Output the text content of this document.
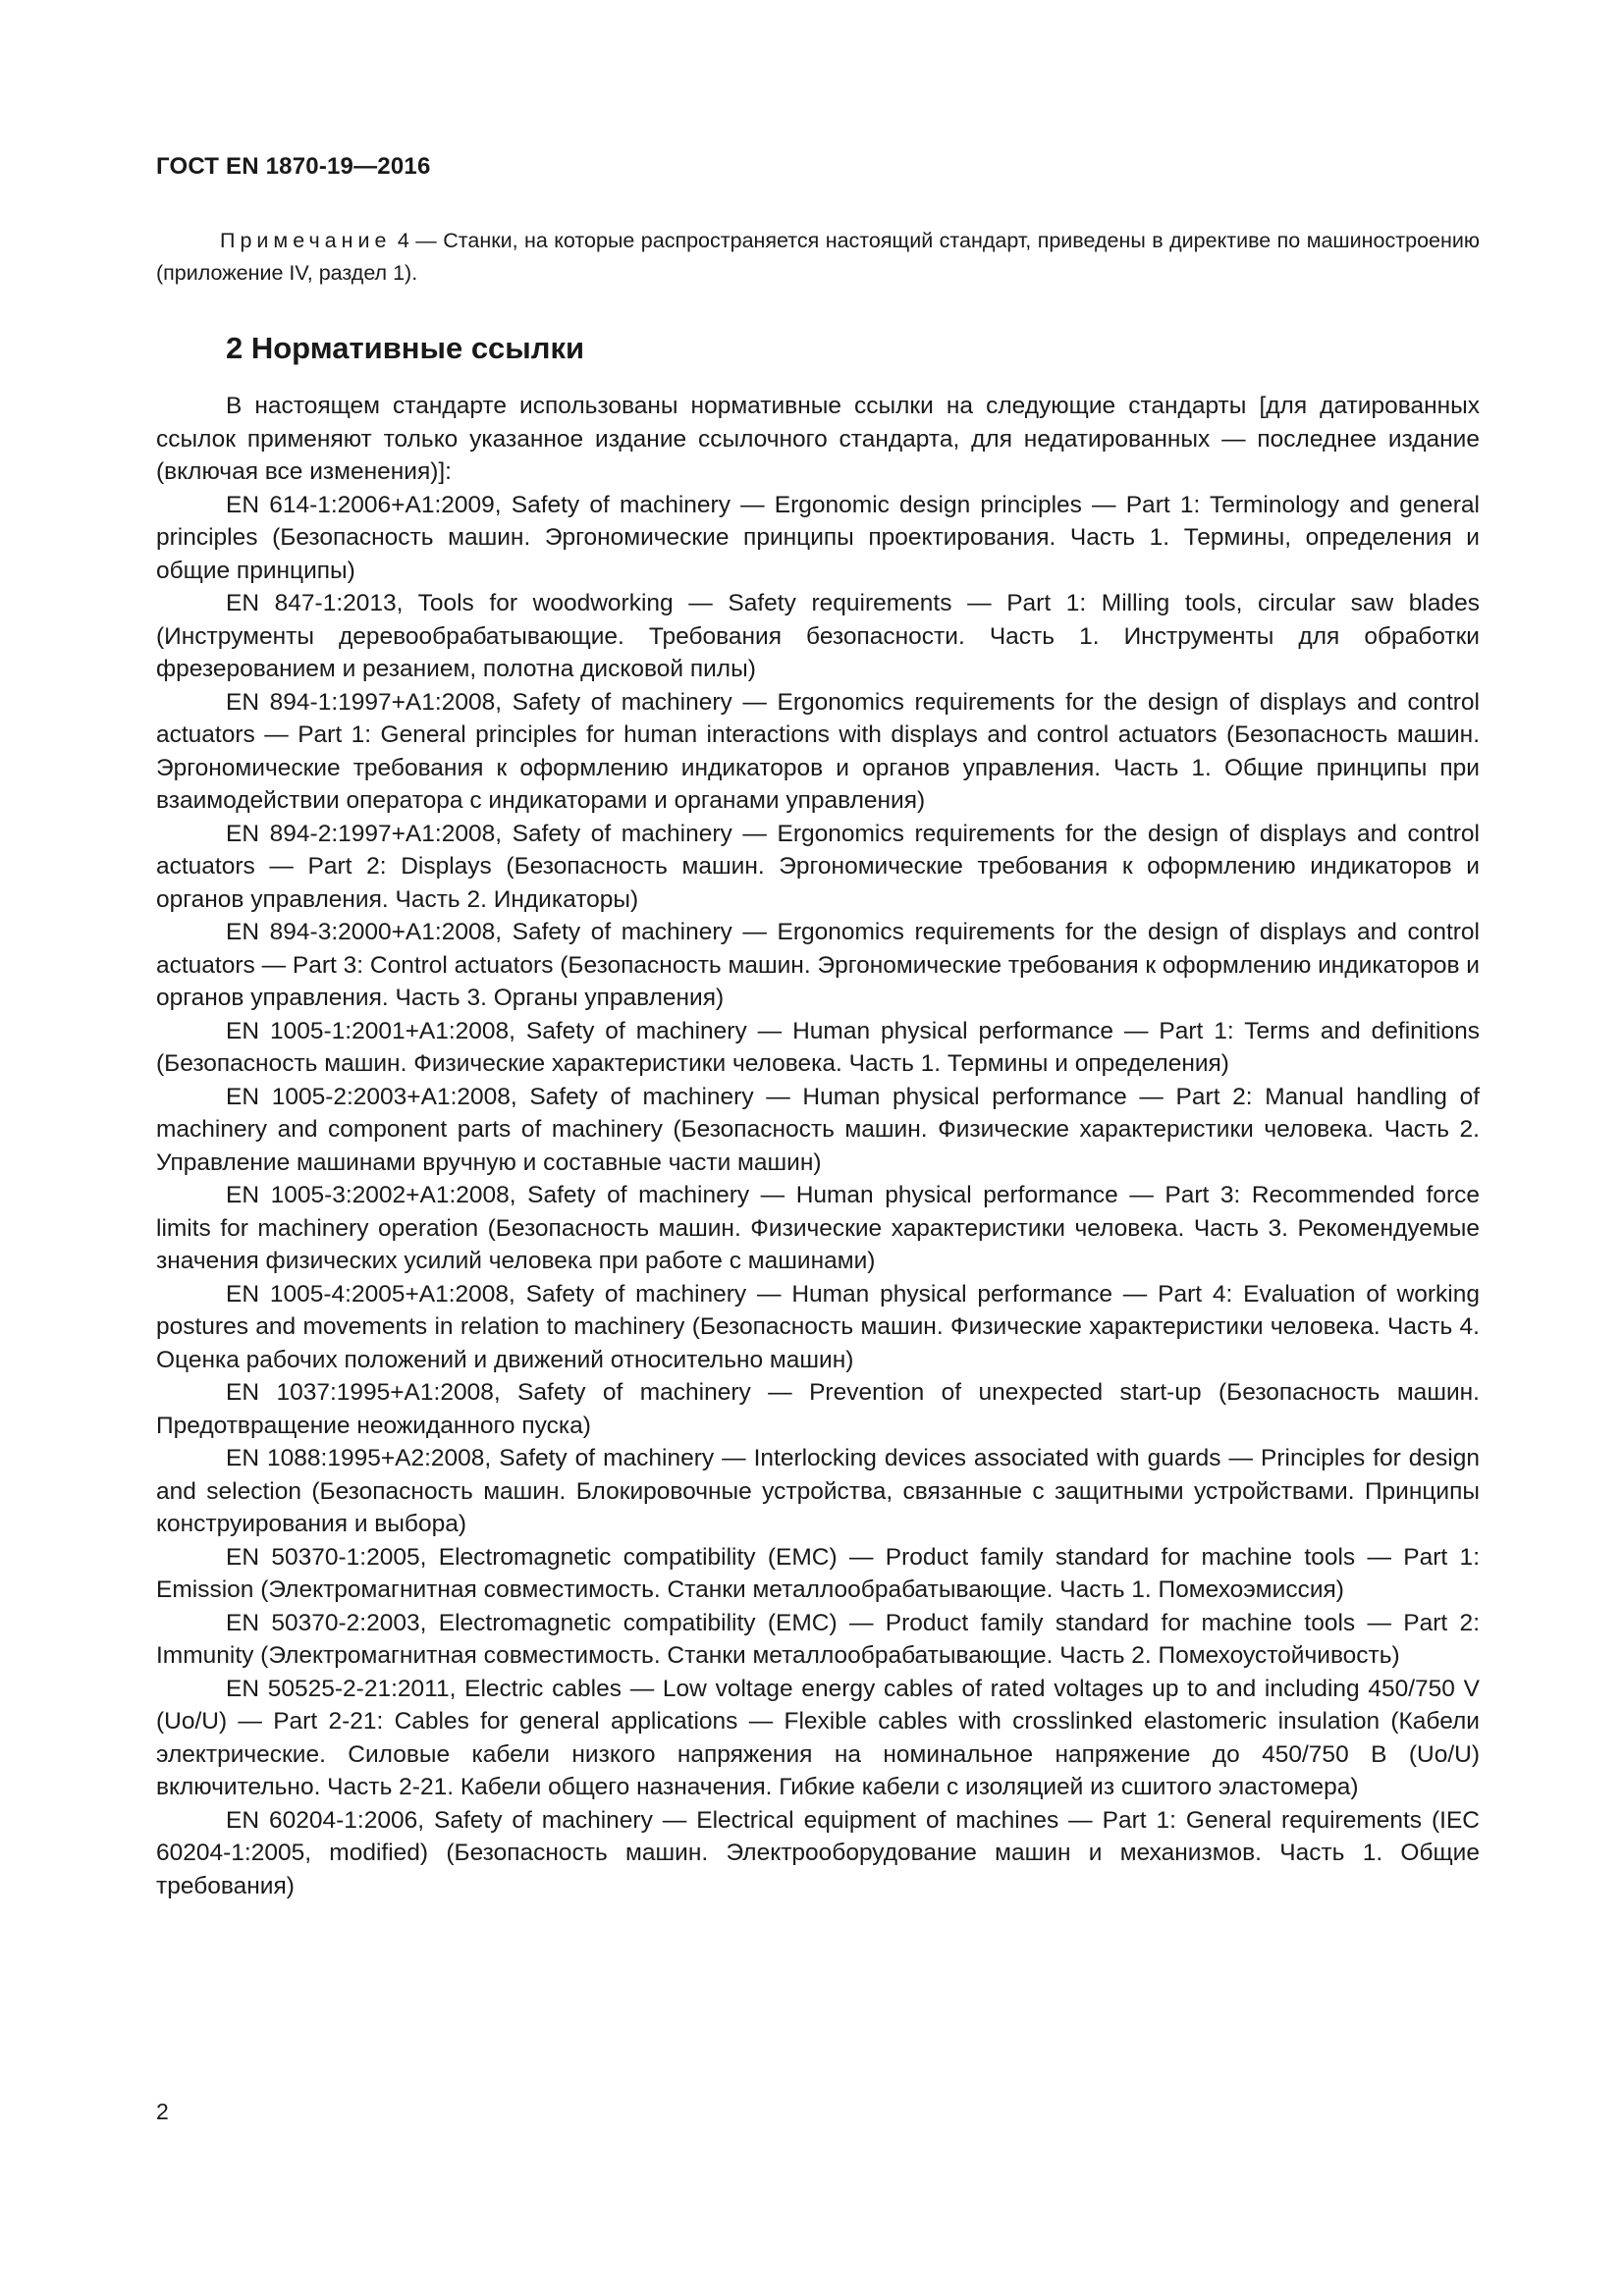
ГОСТ EN 1870-19—2016
Примечание 4 — Станки, на которые распространяется настоящий стандарт, приведены в директиве по машиностроению (приложение IV, раздел 1).
2 Нормативные ссылки

В настоящем стандарте использованы нормативные ссылки на следующие стандарты [для датированных ссылок применяют только указанное издание ссылочного стандарта, для недатированных — последнее издание (включая все изменения)]:

EN 614-1:2006+A1:2009, Safety of machinery — Ergonomic design principles — Part 1: Terminology and general principles (Безопасность машин. Эргономические принципы проектирования. Часть 1. Термины, определения и общие принципы)

EN 847-1:2013, Tools for woodworking — Safety requirements — Part 1: Milling tools, circular saw blades (Инструменты деревообрабатывающие. Требования безопасности. Часть 1. Инструменты для обработки фрезерованием и резанием, полотна дисковой пилы)

EN 894-1:1997+A1:2008, Safety of machinery — Ergonomics requirements for the design of displays and control actuators — Part 1: General principles for human interactions with displays and control actuators (Безопасность машин. Эргономические требования к оформлению индикаторов и органов управления. Часть 1. Общие принципы при взаимодействии оператора с индикаторами и органами управления)

EN 894-2:1997+A1:2008, Safety of machinery — Ergonomics requirements for the design of displays and control actuators — Part 2: Displays (Безопасность машин. Эргономические требования к оформлению индикаторов и органов управления. Часть 2. Индикаторы)

EN 894-3:2000+A1:2008, Safety of machinery — Ergonomics requirements for the design of displays and control actuators — Part 3: Control actuators (Безопасность машин. Эргономические требования к оформлению индикаторов и органов управления. Часть 3. Органы управления)

EN 1005-1:2001+A1:2008, Safety of machinery — Human physical performance — Part 1: Terms and definitions (Безопасность машин. Физические характеристики человека. Часть 1. Термины и определения)

EN 1005-2:2003+A1:2008, Safety of machinery — Human physical performance — Part 2: Manual handling of machinery and component parts of machinery (Безопасность машин. Физические характеристики человека. Часть 2. Управление машинами вручную и составные части машин)

EN 1005-3:2002+A1:2008, Safety of machinery — Human physical performance — Part 3: Recommended force limits for machinery operation (Безопасность машин. Физические характеристики человека. Часть 3. Рекомендуемые значения физических усилий человека при работе с машинами)

EN 1005-4:2005+A1:2008, Safety of machinery — Human physical performance — Part 4: Evaluation of working postures and movements in relation to machinery (Безопасность машин. Физические характеристики человека. Часть 4. Оценка рабочих положений и движений относительно машин)

EN 1037:1995+A1:2008, Safety of machinery — Prevention of unexpected start-up (Безопасность машин. Предотвращение неожиданного пуска)

EN 1088:1995+A2:2008, Safety of machinery — Interlocking devices associated with guards — Principles for design and selection (Безопасность машин. Блокировочные устройства, связанные с защитными устройствами. Принципы конструирования и выбора)

EN 50370-1:2005, Electromagnetic compatibility (EMC) — Product family standard for machine tools — Part 1: Emission (Электромагнитная совместимость. Станки металлообрабатывающие. Часть 1. Помехоэмиссия)

EN 50370-2:2003, Electromagnetic compatibility (EMC) — Product family standard for machine tools — Part 2: Immunity (Электромагнитная совместимость. Станки металлообрабатывающие. Часть 2. Помехоустойчивость)

EN 50525-2-21:2011, Electric cables — Low voltage energy cables of rated voltages up to and including 450/750 V (Uo/U) — Part 2-21: Cables for general applications — Flexible cables with crosslinked elastomeric insulation (Кабели электрические. Силовые кабели низкого напряжения на номинальное напряжение до 450/750 В (Uo/U) включительно. Часть 2-21. Кабели общего назначения. Гибкие кабели с изоляцией из сшитого эластомера)

EN 60204-1:2006, Safety of machinery — Electrical equipment of machines — Part 1: General requirements (IEC 60204-1:2005, modified) (Безопасность машин. Электрооборудование машин и механизмов. Часть 1. Общие требования)

2
